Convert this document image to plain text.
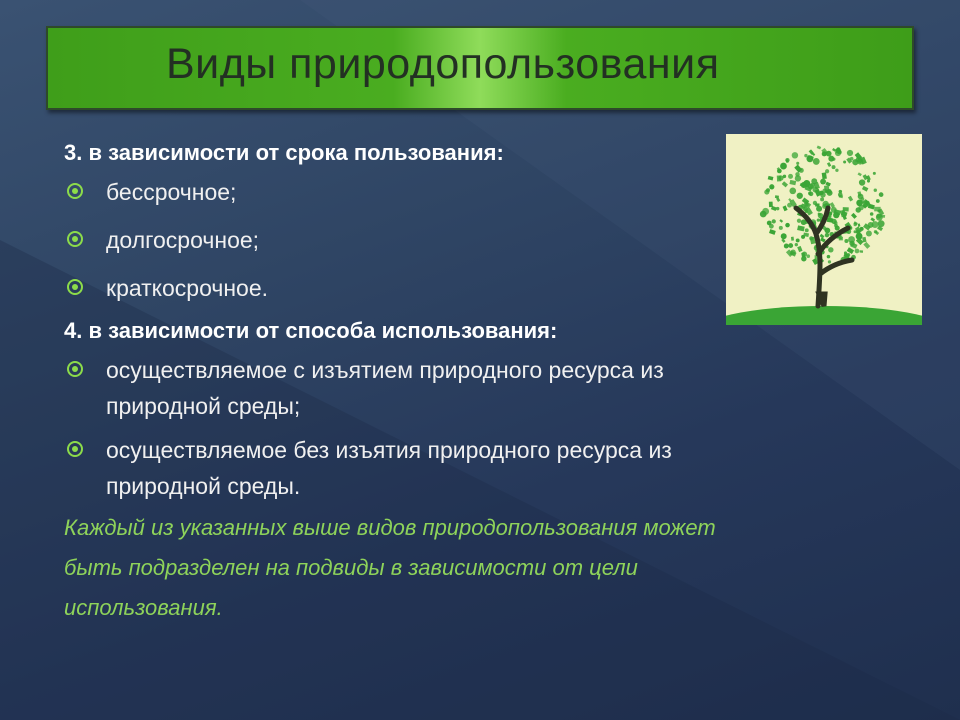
Виды природопользования
3. в зависимости от срока пользования:
бессрочное;
долгосрочное;
краткосрочное.
4. в зависимости от способа использования:
осуществляемое с изъятием природного ресурса из
природной среды;
осуществляемое без изъятия природного ресурса из
природной среды.
Каждый из указанных выше видов природопользования может
быть подразделен на подвиды в зависимости от цели
использования.
